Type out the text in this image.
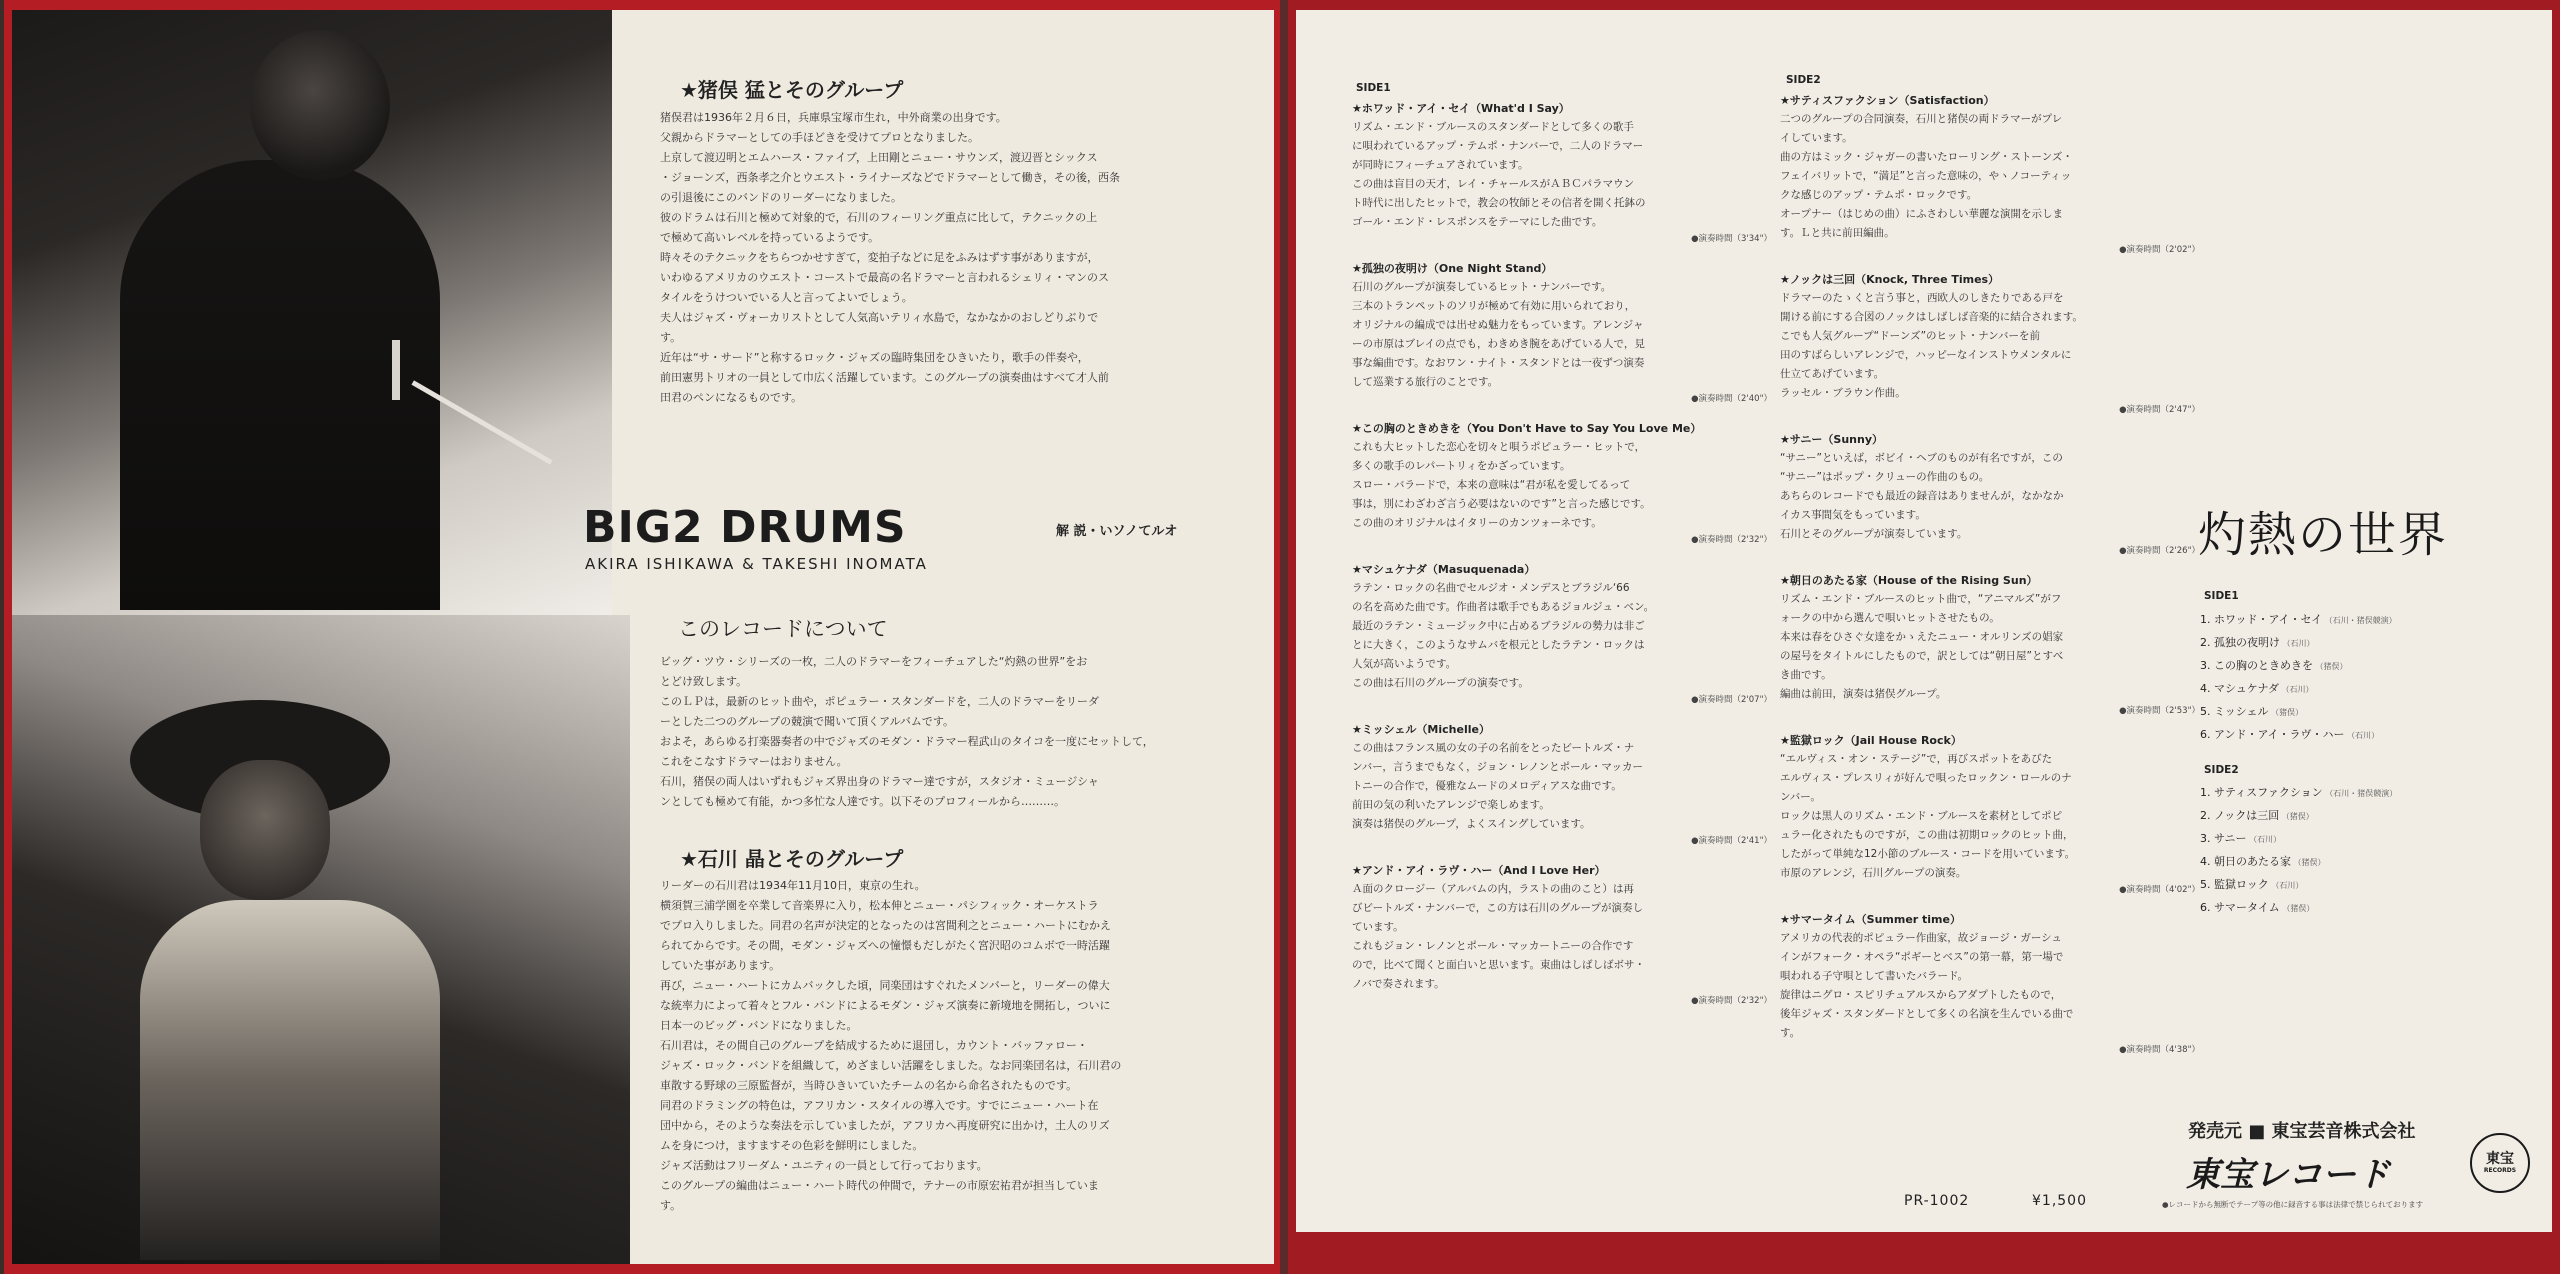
★猪俣 猛とそのグループ
猪俣君は1936年２月６日，兵庫県宝塚市生れ，中外商業の出身です。
父親からドラマーとしての手ほどきを受けてプロとなりました。
上京して渡辺明とエムハース・ファイブ，上田剛とニュー・サウンズ，渡辺晋とシックス
・ジョーンズ，西条孝之介とウエスト・ライナーズなどでドラマーとして働き，その後，西条
の引退後にこのバンドのリーダーになりました。
彼のドラムは石川と極めて対象的で，石川のフィーリング重点に比して，テクニックの上
で極めて高いレベルを持っているようです。
時々そのテクニックをちらつかせすぎて，変拍子などに足をふみはずす事がありますが，
いわゆるアメリカのウエスト・コーストで最高の名ドラマーと言われるシェリィ・マンのス
タイルをうけついでいる人と言ってよいでしょう。
夫人はジャズ・ヴォーカリストとして人気高いテリィ水島で，なかなかのおしどりぶりで
す。
近年は“サ・サード”と称するロック・ジャズの臨時集団をひきいたり，歌手の伴奏や，
前田憲男トリオの一員として巾広く活躍しています。このグループの演奏曲はすべて才人前
田君のペンになるものです。
BIG2 DRUMS	解 説・いソノてルオ
AKIRA ISHIKAWA & TAKESHI INOMATA
このレコードについて
ビッグ・ツウ・シリーズの一枚，二人のドラマーをフィーチュアした“灼熱の世界”をお
とどけ致します。
このＬＰは，最新のヒット曲や，ポピュラー・スタンダードを，二人のドラマーをリーダ
ーとした二つのグループの競演で聞いて頂くアルバムです。
およそ，あらゆる打楽器奏者の中でジャズのモダン・ドラマー程武山のタイコを一度にセットして，
これをこなすドラマーはおりません。
石川，猪俣の両人はいずれもジャズ界出身のドラマー達ですが，スタジオ・ミュージシャ
ンとしても極めて有能，かつ多忙な人達です。以下そのプロフィールから………。
★石川 晶とそのグループ
リーダーの石川君は1934年11月10日，東京の生れ。
横須賀三浦学園を卒業して音楽界に入り，松本伸とニュー・パシフィック・オーケストラ
でプロ入りしました。同君の名声が決定的となったのは宮間利之とニュー・ハートにむかえ
られてからです。その間，モダン・ジャズへの憧憬もだしがたく宮沢昭のコムボで一時活躍
していた事があります。
再び，ニュー・ハートにカムバックした頃，同楽団はすぐれたメンバーと，リーダーの偉大
な統率力によって着々とフル・バンドによるモダン・ジャズ演奏に新境地を開拓し，ついに
日本一のビッグ・バンドになりました。
石川君は，その間自己のグループを結成するために退団し，カウント・バッファロー・
ジャズ・ロック・バンドを組織して，めざましい活躍をしました。なお同楽団名は，石川君の
車散する野球の三原監督が，当時ひきいていたチームの名から命名されたものです。
同君のドラミングの特色は，アフリカン・スタイルの導入です。すでにニュー・ハート在
団中から，そのような奏法を示していましたが，アフリカへ再度研究に出かけ，土人のリズ
ムを身につけ，ますますその色彩を鮮明にしました。
ジャズ活動はフリーダム・ユニティの一員として行っております。
このグループの編曲はニュー・ハート時代の仲間で，テナーの市原宏祐君が担当していま
す。
SIDE1
★ホワッド・アイ・セイ（What'd I Say）
リズム・エンド・ブルースのスタンダードとして多くの歌手
に唄われているアップ・テムポ・ナンバーで，二人のドラマー
が同時にフィーチュアされています。
この曲は盲目の天才，レイ・チャールスがＡＢＣパラマウン
ト時代に出したヒットで，教会の牧師とその信者を開く托鉢の
ゴール・エンド・レスポンスをテーマにした曲です。
●演奏時間（3'34"）
★孤独の夜明け（One Night Stand）
石川のグループが演奏しているヒット・ナンバーです。
三本のトランペットのソリが極めて有効に用いられており，
オリジナルの編成では出せぬ魅力をもっています。アレンジャ
ーの市原はブレイの点でも，わきめき腕をあげている人で，見
事な編曲です。なおワン・ナイト・スタンドとは一夜ずつ演奏
して巡業する旅行のことです。
●演奏時間（2'40"）
★この胸のときめきを（You Don't Have to Say You Love Me）
これも大ヒットした恋心を切々と唄うポピュラー・ヒットで，
多くの歌手のレパートリィをかざっています。
スロー・バラードで，本来の意味は“君が私を愛してるって
事は，別にわざわざ言う必要はないのです”と言った感じです。
この曲のオリジナルはイタリーのカンツォーネです。
●演奏時間（2'32"）
★マシュケナダ（Masuquenada）
ラテン・ロックの名曲でセルジオ・メンデスとブラジル‘66
の名を高めた曲です。作曲者は歌手でもあるジョルジュ・ベン。
最近のラテン・ミュージック中に占めるブラジルの勢力は非ご
とに大きく，このようなサムバを根元としたラテン・ロックは
人気が高いようです。
この曲は石川のグループの演奏です。
●演奏時間（2'07"）
★ミッシェル（Michelle）
この曲はフランス風の女の子の名前をとったビートルズ・ナ
ンバー，言うまでもなく，ジョン・レノンとポール・マッカー
トニーの合作で，優雅なムードのメロディアスな曲です。
前田の気の利いたアレンジで楽しめます。
演奏は猪俣のグループ，よくスイングしています。
●演奏時間（2'41"）
★アンド・アイ・ラヴ・ハー（And I Love Her）
Ａ面のクロージー（アルバムの内，ラストの曲のこと）は再
びビートルズ・ナンバーで，この方は石川のグループが演奏し
ています。
これもジョン・レノンとポール・マッカートニーの合作です
ので，比べて聞くと面白いと思います。東曲はしばしばボサ・
ノバで奏されます。
●演奏時間（2'32"）
SIDE2
★サティスファクション（Satisfaction）
二つのグループの合同演奏，石川と猪俣の両ドラマーがプレ
イしています。
曲の方はミック・ジャガーの書いたローリング・ストーンズ・
フェイバリットで，“満足”と言った意味の，やヽノコーティッ
クな感じのアップ・テムポ・ロックです。
オープナー（はじめの曲）にふさわしい華麗な演開を示しま
す。Ｌと共に前田編曲。
●演奏時間（2'02"）
★ノックは三回（Knock, Three Times）
ドラマーのたゝくと言う事と，西欧人のしきたりである戸を
開ける前にする合図のノックはしばしば音楽的に結合されます。
こでも人気グループ“ドーンズ”のヒット・ナンバーを前
田のすばらしいアレンジで，ハッピーなインストウメンタルに
仕立てあげています。
ラッセル・ブラウン作曲。
●演奏時間（2'47"）
★サニー（Sunny）
“サニー”といえば，ボビイ・ヘブのものが有名ですが，この
“サニー”はポップ・クリューの作曲のもの。
あちらのレコードでも最近の録音はありませんが，なかなか
イカス事間気をもっています。
石川とそのグループが演奏しています。
●演奏時間（2'26"）
★朝日のあたる家（House of the Rising Sun）
リズム・エンド・ブルースのヒット曲で，“アニマルズ”がフ
ォークの中から選んで唄いヒットさせたもの。
本来は春をひさぐ女達をかゝえたニュー・オルリンズの娼家
の屋号をタイトルにしたもので，訳としては“朝日屋”とすべ
き曲です。
編曲は前田，演奏は猪俣グループ。
●演奏時間（2'53"）
★監獄ロック（Jail House Rock）
“エルヴィス・オン・ステージ”で，再びスポットをあびた
エルヴィス・プレスリィが好んで唄ったロックン・ロールのナ
ンバー。
ロックは黒人のリズム・エンド・ブルースを素材としてポピ
ュラー化されたものですが，この曲は初期ロックのヒット曲，
したがって単純な12小節のブルース・コードを用いています。
市原のアレンジ，石川グループの演奏。
●演奏時間（4'02"）
★サマータイム（Summer time）
アメリカの代表的ポピュラー作曲家，故ジョージ・ガーシュ
インがフォーク・オペラ“ポギーとベス”の第一幕，第一場で
唄われる子守唄として書いたバラード。
旋律はニグロ・スピリチュアルスからアダプトしたもので，
後年ジャズ・スタンダードとして多くの名演を生んでいる曲で
す。
●演奏時間（4'38"）
灼熱の世界
SIDE1
1. ホワッド・アイ・セイ （石川・猪俣競演）
2. 孤独の夜明け （石川）
3. この胸のときめきを （猪俣）
4. マシュケナダ （石川）
5. ミッシェル （猪俣）
6. アンド・アイ・ラヴ・ハー （石川）
SIDE2
1. サティスファクション （石川・猪俣競演）
2. ノックは三回 （猪俣）
3. サニー （石川）
4. 朝日のあたる家 （猪俣）
5. 監獄ロック （石川）
6. サマータイム （猪俣）
発売元 ■ 東宝芸音株式会社
東宝レコード	東宝
RECORDS
PR-1002	¥1,500	●レコードから無断でテープ等の他に録音する事は法律で禁じられております
